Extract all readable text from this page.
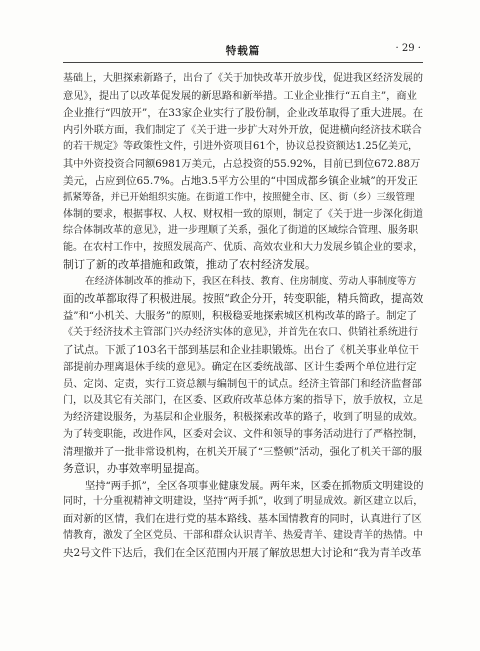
特载篇	· 29 ·
基础上，大胆探索新路子，出台了《关于加快改革开放步伐，促进我区经济发展的
意见》，提出了以改革促发展的新思路和新举措。工业企业推行“五自主”，商业
企业推行“四放开”，在33家企业实行了股份制，企业改革取得了重大进展。在
内引外联方面，我们制定了《关于进一步扩大对外开放，促进横向经济技术联合
的若干规定》等政策性文件，引进外资项目61个，协议总投资额达1.25亿美元，
其中外资投资合同额6981万美元，占总投资的55.92%，目前已到位672.88万
美元，占应到位65.7%。占地3.5平方公里的“中国成都乡镇企业城”的开发正
抓紧筹备，并已开始组织实施。在街道工作中，按照健全市、区、街（乡）三级管理
体制的要求，根据事权、人权、财权相一致的原则，制定了《关于进一步深化街道
综合体制改革的意见》，进一步理顺了关系，强化了街道的区域综合管理、服务职
能。在农村工作中，按照发展高产、优质、高效农业和大力发展乡镇企业的要求，
制订了新的改革措施和政策，推动了农村经济发展。
在经济体制改革的推动下，我区在科技、教育、住房制度、劳动人事制度等方
面的改革都取得了积极进展。按照“政企分开，转变职能，精兵简政，提高效
益”和“小机关、大服务”的原则，积极稳妥地探索城区机构改革的路子。制定了
《关于经济技术主管部门兴办经济实体的意见》，并首先在农口、供销社系统进行
了试点。下派了103名干部到基层和企业挂职锻炼。出台了《机关事业单位干
部提前办理离退休手续的意见》。确定在区委统战部、区计生委两个单位进行定
员、定岗、定责，实行工资总额与编制包干的试点。经济主管部门和经济监督部
门，以及其它有关部门，在区委、区政府改革总体方案的指导下，放手放权，立足
为经济建设服务，为基层和企业服务，积极探索改革的路子，收到了明显的成效。
为了转变职能，改进作风，区委对会议、文件和领导的事务活动进行了严格控制，
清理撤并了一批非常设机构，在机关开展了“三整顿”活动，强化了机关干部的服
务意识，办事效率明显提高。
坚持“两手抓”，全区各项事业健康发展。两年来，区委在抓物质文明建设的
同时，十分重视精神文明建设，坚持“两手抓”，收到了明显成效。新区建立以后，
面对新的区情，我们在进行党的基本路线、基本国情教育的同时，认真进行了区
情教育，激发了全区党员、干部和群众认识青羊、热爱青羊、建设青羊的热情。中
央2号文件下达后，我们在全区范围内开展了解放思想大讨论和“我为青羊改革
